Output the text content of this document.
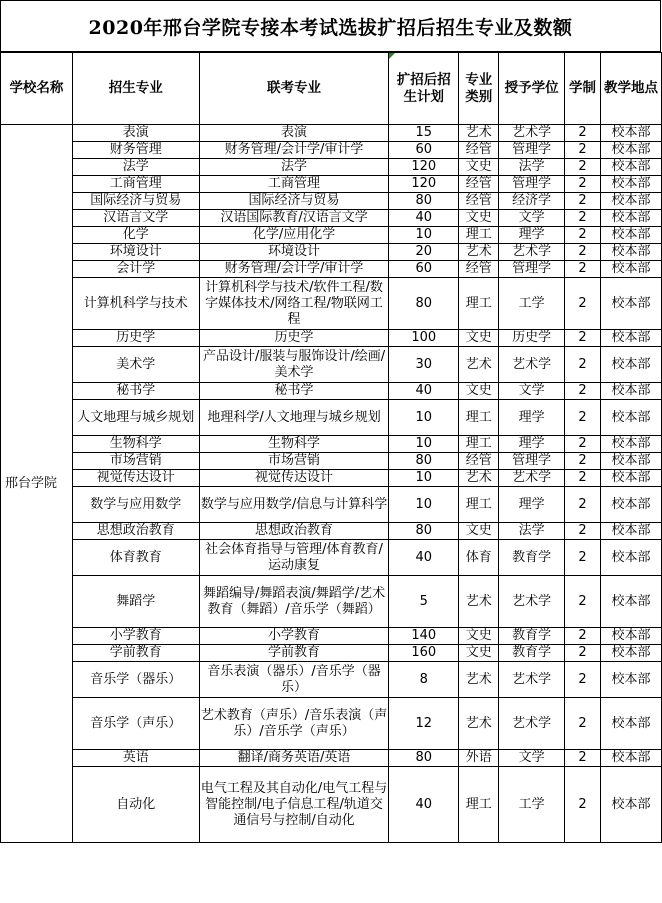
2020年邢台学院专接本考试选拔扩招后招生专业及数额
学校名称	招生专业	联考专业	扩招后招生计划	专业类别	授予学位	学制	教学地点
邢台学院	表演	表演	15	艺术	艺术学	2	校本部
	财务管理	财务管理/会计学/审计学	60	经管	管理学	2	校本部
	法学	法学	120	文史	法学	2	校本部
	工商管理	工商管理	120	经管	管理学	2	校本部
	国际经济与贸易	国际经济与贸易	80	经管	经济学	2	校本部
	汉语言文学	汉语国际教育/汉语言文学	40	文史	文学	2	校本部
	化学	化学/应用化学	10	理工	理学	2	校本部
	环境设计	环境设计	20	艺术	艺术学	2	校本部
	会计学	财务管理/会计学/审计学	60	经管	管理学	2	校本部
	计算机科学与技术	计算机科学与技术/软件工程/数字媒体技术/网络工程/物联网工程	80	理工	工学	2	校本部
	历史学	历史学	100	文史	历史学	2	校本部
	美术学	产品设计/服装与服饰设计/绘画/美术学	30	艺术	艺术学	2	校本部
	秘书学	秘书学	40	文史	文学	2	校本部
	人文地理与城乡规划	地理科学/人文地理与城乡规划	10	理工	理学	2	校本部
	生物科学	生物科学	10	理工	理学	2	校本部
	市场营销	市场营销	80	经管	管理学	2	校本部
	视觉传达设计	视觉传达设计	10	艺术	艺术学	2	校本部
	数学与应用数学	数学与应用数学/信息与计算科学	10	理工	理学	2	校本部
	思想政治教育	思想政治教育	80	文史	法学	2	校本部
	体育教育	社会体育指导与管理/体育教育/运动康复	40	体育	教育学	2	校本部
	舞蹈学	舞蹈编导/舞蹈表演/舞蹈学/艺术教育（舞蹈）/音乐学（舞蹈）	5	艺术	艺术学	2	校本部
	小学教育	小学教育	140	文史	教育学	2	校本部
	学前教育	学前教育	160	文史	教育学	2	校本部
	音乐学（器乐）	音乐表演（器乐）/音乐学（器乐）	8	艺术	艺术学	2	校本部
	音乐学（声乐）	艺术教育（声乐）/音乐表演（声乐）/音乐学（声乐）	12	艺术	艺术学	2	校本部
	英语	翻译/商务英语/英语	80	外语	文学	2	校本部
	自动化	电气工程及其自动化/电气工程与智能控制/电子信息工程/轨道交通信号与控制/自动化	40	理工	工学	2	校本部
